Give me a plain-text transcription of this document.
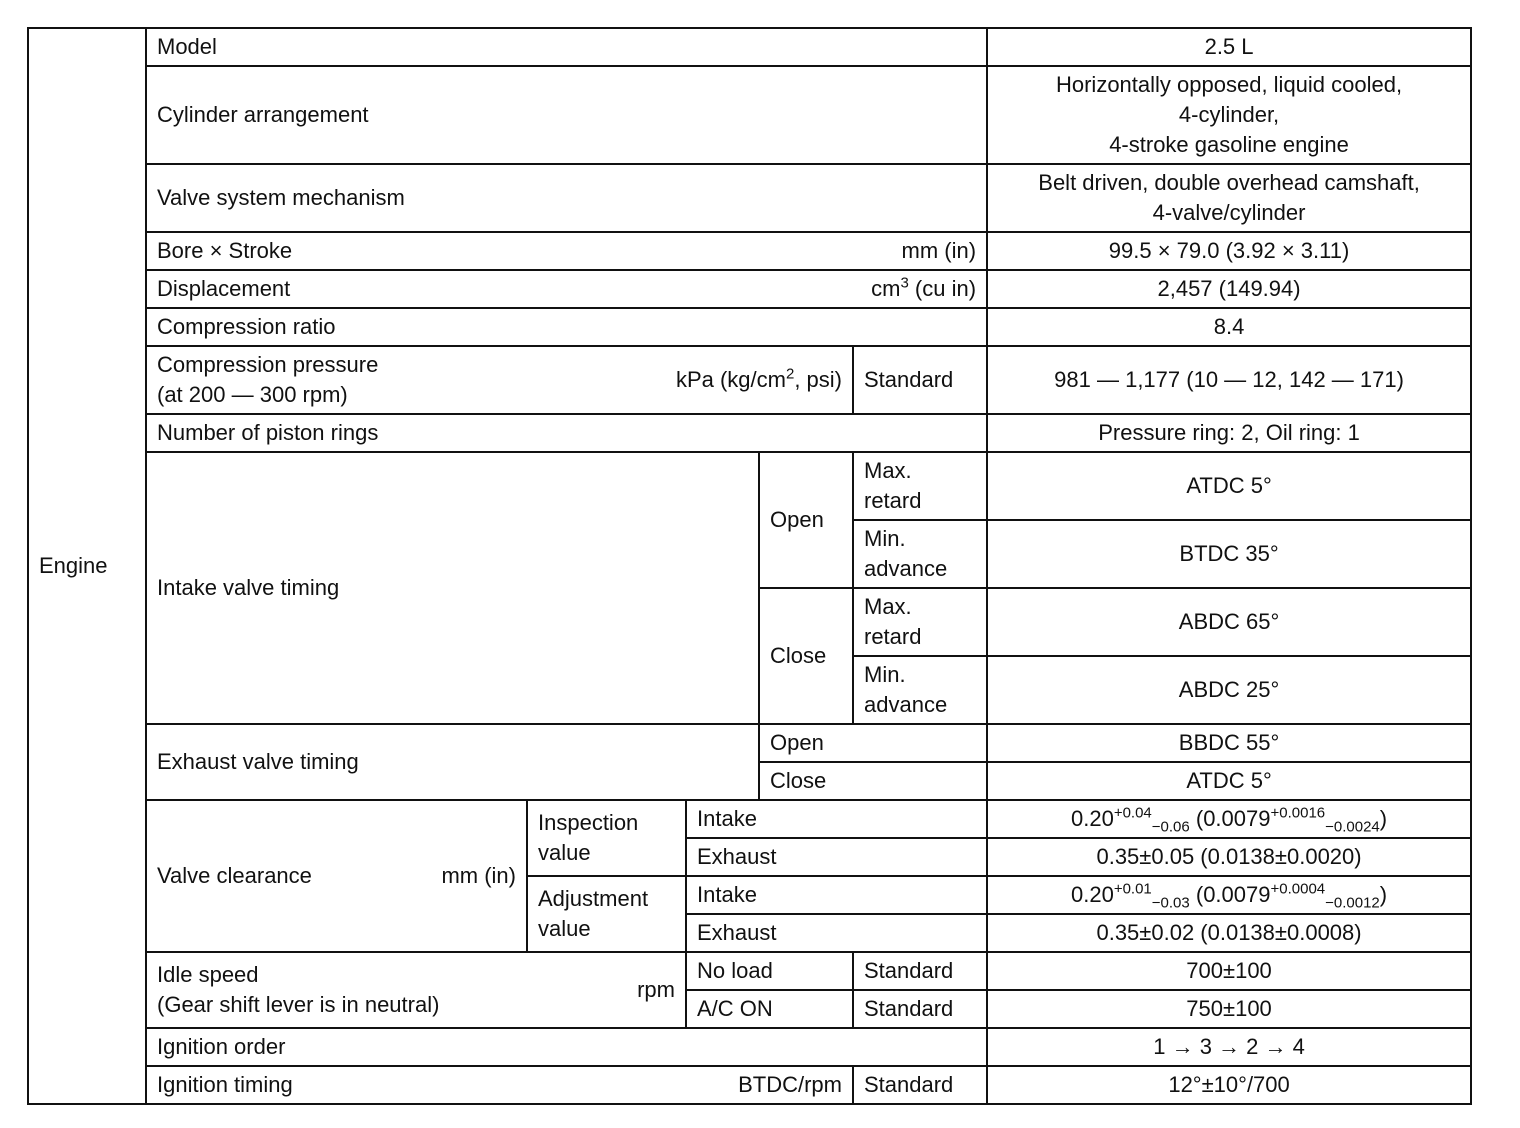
Engine	Model					2.5 L
	Cylinder arrangement					Horizontally opposed, liquid cooled,
4-cylinder,
4-stroke gasoline engine
	Valve system mechanism					Belt driven, double overhead camshaft,
4-valve/cylinder

	Bore × Stroke mm (in)					99.5 × 79.0 (3.92 × 3.11)

	Displacement $cm^3$ (cu in)					2,457 (149.94)
	Compression ratio					8.4

	Compression pressure
(at 200 — 300 rpm)
kPa ($kg/cm^2$, psi)				Standard	981 — 1,177 (10 — 12, 142 — 171)
	Number of piston rings					Pressure ring: 2, Oil ring: 1
	Intake valve timing			Open	Max.
retard	ATDC 5°
					Min.
advance	BTDC 35°
				Close	Max.
retard	ABDC 65°
					Min.
advance	ABDC 25°
	Exhaust valve timing			Open		BBDC 55°
				Close		ATDC 5°

	Valve clearance mm (in)	Inspection
value	Intake			$0.20^{+0.04}_{-0.06}$ $(0.0079^{+0.0016}_{-0.0024})$
			Exhaust			0.35±0.05 (0.0138±0.0020)
		Adjustment
value	Intake			$0.20^{+0.01}_{-0.03}$ $(0.0079^{+0.0004}_{-0.0012})$
			Exhaust			0.35±0.02 (0.0138±0.0008)

	Idle speed
(Gear shift lever is in neutral)
rpm		No load		Standard	700±100
			A/C ON		Standard	750±100
	Ignition order					1 → 3 → 2 → 4

	Ignition timing BTDC/rpm				Standard	12°±10°/700
